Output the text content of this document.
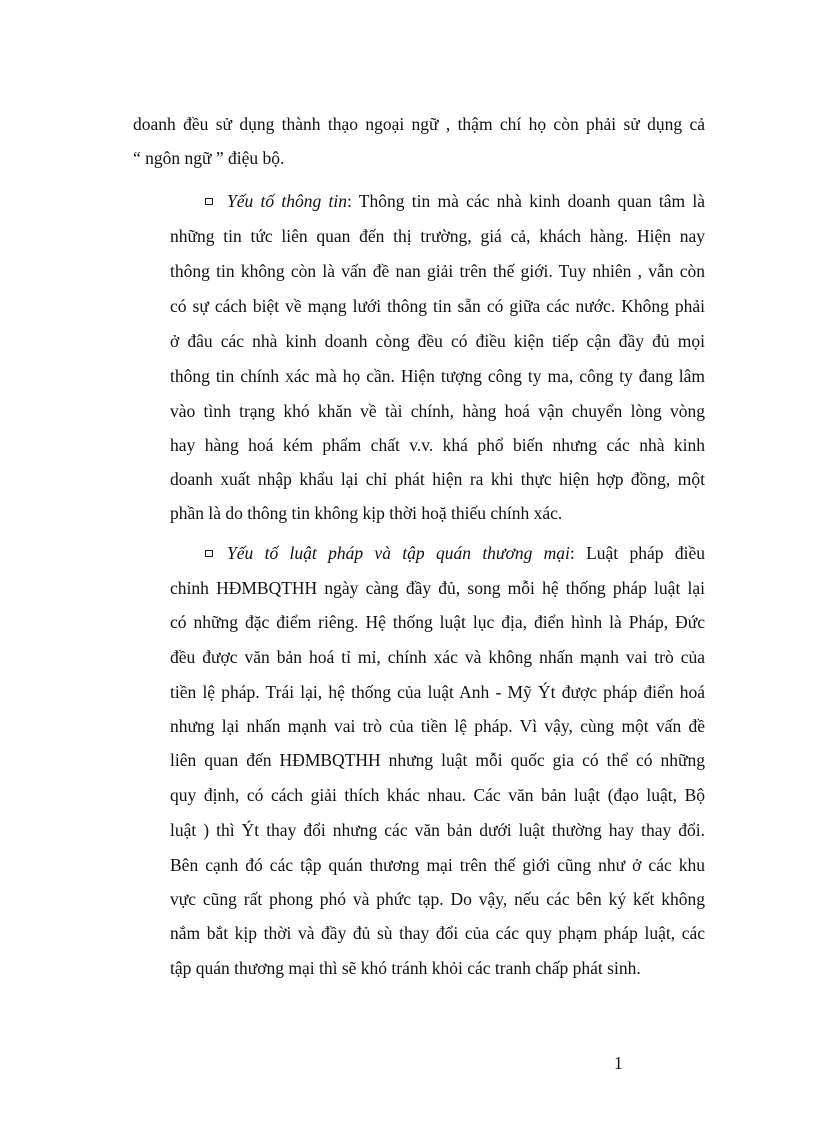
doanh đều sử dụng thành thạo ngoại ngữ , thậm chí họ còn phải sử dụng cả
“ ngôn ngữ ” điệu bộ.
Yếu tố thông tin: Thông tin mà các nhà kinh doanh quan tâm là
những tin tức liên quan đến thị trường, giá cả, khách hàng. Hiện nay
thông tin không còn là vấn đề nan giải trên thế giới. Tuy nhiên , vẫn còn
có sự cách biệt về mạng lưới thông tin sẵn có giữa các nước. Không phải
ở đâu các nhà kinh doanh còng đều có điều kiện tiếp cận đầy đủ mọi
thông tin chính xác mà họ cần. Hiện tượng công ty ma, công ty đang lâm
vào tình trạng khó khăn về tài chính, hàng hoá vận chuyển lòng vòng
hay hàng hoá kém phẩm chất v.v. khá phổ biến nhưng các nhà kinh
doanh xuất nhập khẩu lại chỉ phát hiện ra khi thực hiện hợp đồng, một
phần là do thông tin không kịp thời hoặ thiếu chính xác.
Yếu tố luật pháp và tập quán thương mại: Luật pháp điều
chỉnh HĐMBQTHH ngày càng đầy đủ, song mỗi hệ thống pháp luật lại
có những đặc điểm riêng. Hệ thống luật lục địa, điển hình là Pháp, Đức
đều được văn bản hoá tỉ mỉ, chính xác và không nhấn mạnh vai trò của
tiền lệ pháp. Trái lại, hệ thống của luật Anh - Mỹ Ýt được pháp điển hoá
nhưng lại nhấn mạnh vai trò của tiền lệ pháp. Vì vậy, cùng một vấn đề
liên quan đến HĐMBQTHH nhưng luật mỗi quốc gia có thể có những
quy định, có cách giải thích khác nhau. Các văn bản luật (đạo luật, Bộ
luật ) thì Ýt thay đổi nhưng các văn bản dưới luật thường hay thay đổi.
Bên cạnh đó các tập quán thương mại trên thế giới cũng như ở các khu
vực cũng rất phong phó và phức tạp. Do vậy, nếu các bên ký kết không
nắm bắt kịp thời và đầy đủ sù thay đổi của các quy phạm pháp luật, các
tập quán thương mại thì sẽ khó tránh khỏi các tranh chấp phát sinh.
1
